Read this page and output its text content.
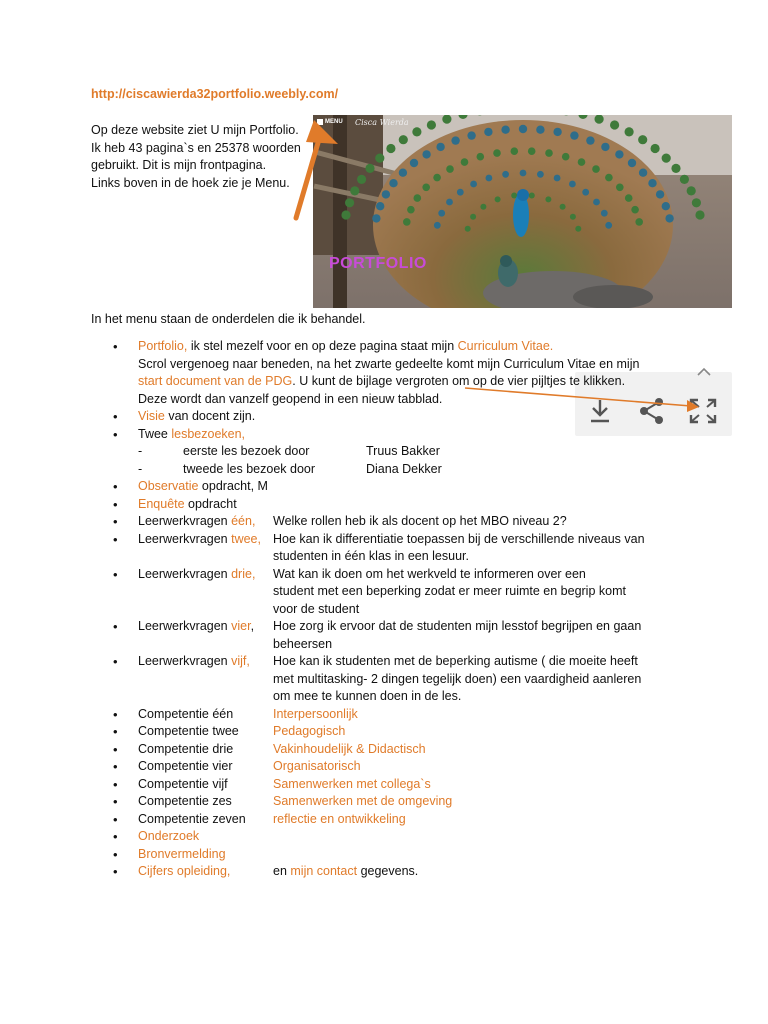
http://ciscawierda32portfolio.weebly.com/
Op deze website ziet U mijn Portfolio.
Ik heb 43 pagina`s en 25378 woorden
gebruikt. Dit is mijn frontpagina.
Links boven in de hoek zie je Menu.
MENU Cisca Wierda
PORTFOLIO
In het menu staan de onderdelen die ik behandel.
• Portfolio, ik stel mezelf voor en op deze pagina staat mijn Curriculum Vitae.
Scrol vergenoeg naar beneden, na het zwarte gedeelte komt mijn Curriculum Vitae en mijn
start document van de PDG. U kunt de bijlage vergroten om op de vier pijltjes te klikken.
Deze wordt dan vanzelf geopend in een nieuw tabblad.
• Visie van docent zijn.
• Twee lesbezoeken,
-	eerste les bezoek door	Truus Bakker
-	tweede les bezoek door	Diana Dekker
• Observatie opdracht, M
• Enquête opdracht
• Leerwerkvragen één, Welke rollen heb ik als docent op het MBO niveau 2?
• Leerwerkvragen twee, Hoe kan ik differentiatie toepassen bij de verschillende niveaus van
studenten in één klas in een lesuur.
• Leerwerkvragen drie, Wat kan ik doen om het werkveld te informeren over een
student met een beperking zodat er meer ruimte en begrip komt
voor de student
• Leerwerkvragen vier, Hoe zorg ik ervoor dat de studenten mijn lesstof begrijpen en gaan
beheersen
• Leerwerkvragen vijf, Hoe kan ik studenten met de beperking autisme ( die moeite heeft
met multitasking- 2 dingen tegelijk doen) een vaardigheid aanleren
om mee te kunnen doen in de les.
• Competentie één	Interpersoonlijk
• Competentie twee	Pedagogisch
• Competentie drie	Vakinhoudelijk & Didactisch
• Competentie vier	Organisatorisch
• Competentie vijf	Samenwerken met collega`s
• Competentie zes	Samenwerken met de omgeving
• Competentie zeven reflectie en ontwikkeling
• Onderzoek
• Bronvermelding
• Cijfers opleiding,	en mijn contact gegevens.
